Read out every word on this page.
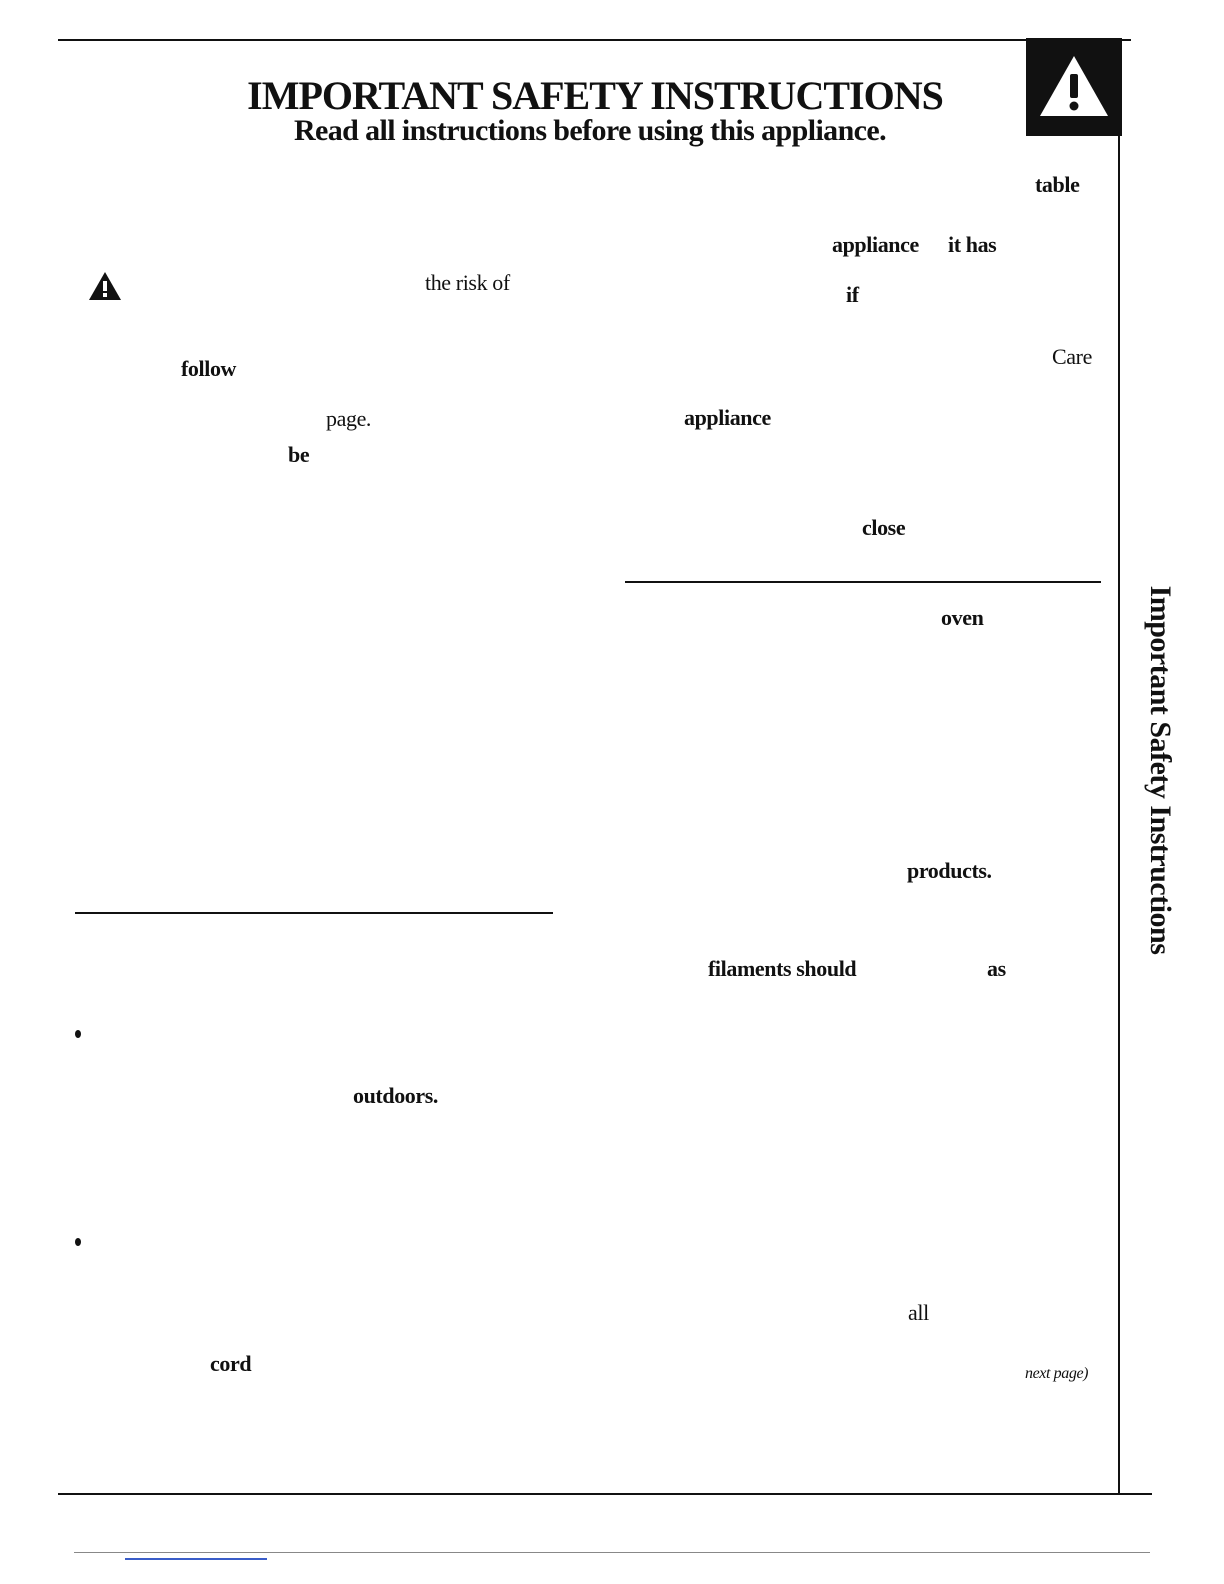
IMPORTANT SAFETY INSTRUCTIONS
Read all instructions before using this appliance.
Important Safety Instructions
the risk of
follow
page.
be
outdoors.
cord
table
appliance it has
if
Care
appliance
close
oven
products.
filaments should	as
all
next page)
